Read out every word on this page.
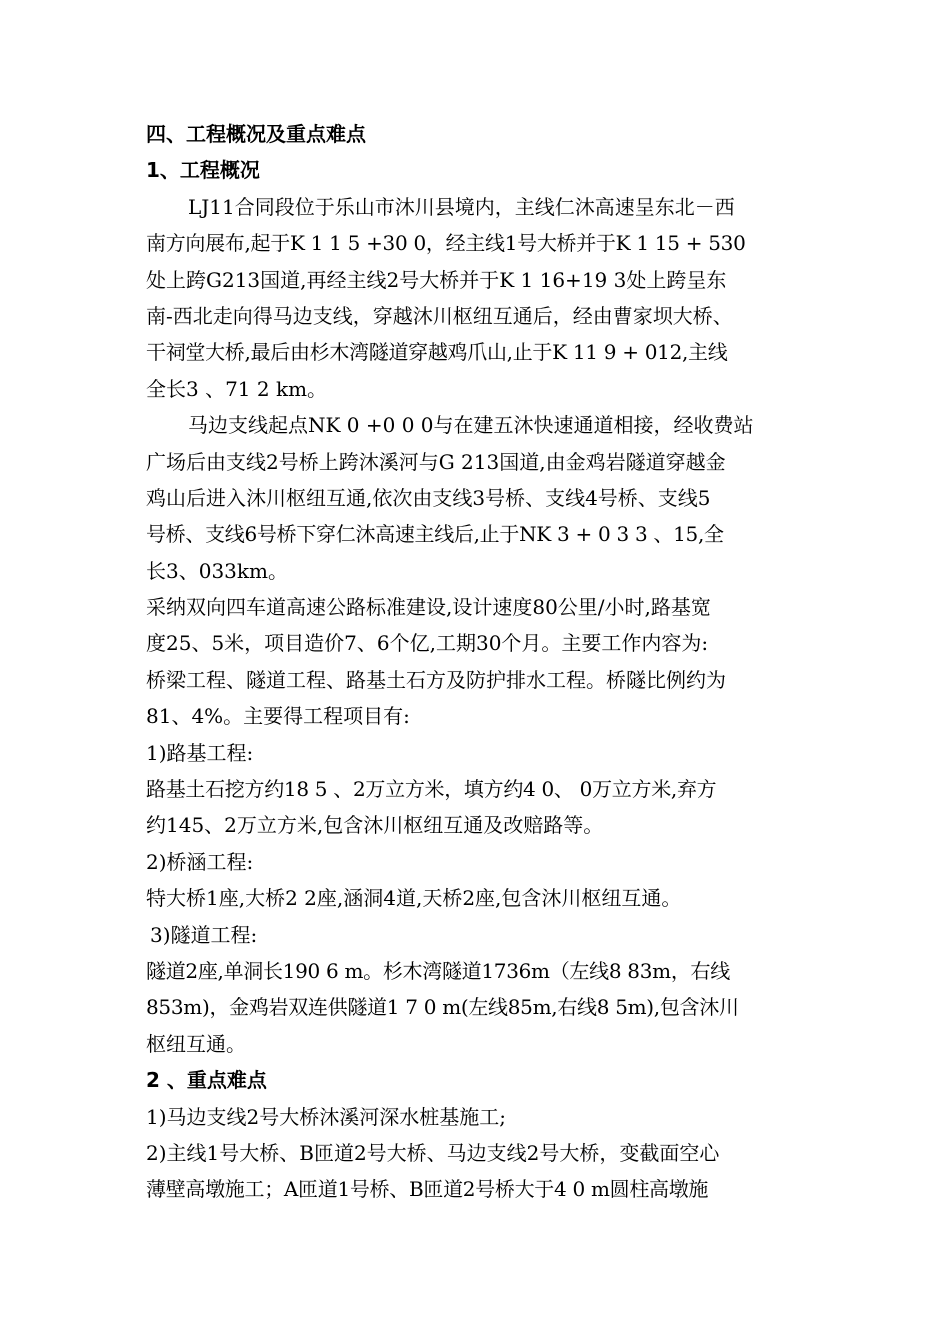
四、工程概况及重点难点
1、工程概况
LJ11合同段位于乐山市沐川县境内，主线仁沐高速呈东北－西
南方向展布,起于K 1 1 5 +30 0，经主线1号大桥并于K 1 15 + 530
处上跨G213国道,再经主线2号大桥并于K 1 16+19 3处上跨呈东
南-西北走向得马边支线，穿越沐川枢纽互通后，经由曹家坝大桥、
干祠堂大桥,最后由杉木湾隧道穿越鸡爪山,止于K 11 9 + 012,主线
全长3 、71 2 km。
马边支线起点NK 0 +0 0 0与在建五沐快速通道相接，经收费站
广场后由支线2号桥上跨沐溪河与G 213国道,由金鸡岩隧道穿越金
鸡山后进入沐川枢纽互通,依次由支线3号桥、支线4号桥、支线5
号桥、支线6号桥下穿仁沐高速主线后,止于NK 3 + 0 3 3 、15,全
长3、033km。
采纳双向四车道高速公路标准建设,设计速度80公里/小时,路基宽
度25、5米，项目造价7、6个亿,工期30个月。主要工作内容为:
桥梁工程、隧道工程、路基土石方及防护排水工程。桥隧比例约为
81、4%。主要得工程项目有:
1)路基工程:
路基土石挖方约18 5 、2万立方米，填方约4 0、 0万立方米,弃方
约145、2万立方米,包含沐川枢纽互通及改赔路等。
2)桥涵工程:
特大桥1座,大桥2 2座,涵洞4道,天桥2座,包含沐川枢纽互通。
3)隧道工程:
隧道2座,单洞长190 6 m。杉木湾隧道1736m（左线8 83m，右线
853m)，金鸡岩双连供隧道1 7 0 m(左线85m,右线8 5m),包含沐川
枢纽互通。
2 、重点难点
1)马边支线2号大桥沐溪河深水桩基施工;
2)主线1号大桥、B匝道2号大桥、马边支线2号大桥，变截面空心
薄壁高墩施工；A匝道1号桥、B匝道2号桥大于4 0 m圆柱高墩施
